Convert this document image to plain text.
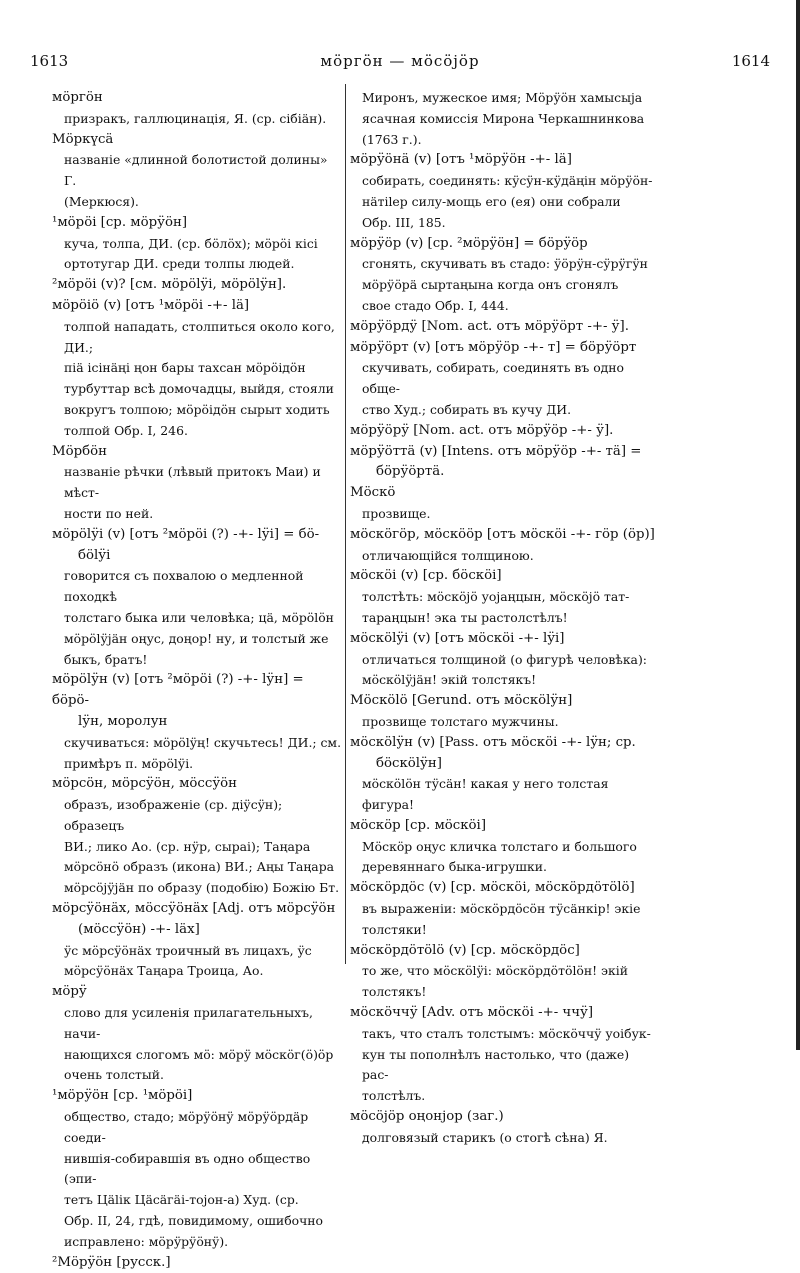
1613	мӧргӧн — мӧсӧјӧр	1614
мӧргӧн
призракъ, галлюцинація, Я. (ср. сібіäн).
Мӧркүсä
названіе «длинной болотистой долины» Г.
(Меркюся).
¹мӧрӧі [ср. мӧрӱӧн]
куча, толпа, ДИ. (ср. бӧлӧх); мӧрӧі кісі
ортотугар ДИ. среди толпы людей.
²мӧрӧі (v)? [см. мӧрӧlӱі, мӧрӧlӱн].
мӧрӧіӧ (v) [отъ ¹мӧрӧі -+- lä]
толпой нападать, столпиться около кого, ДИ.;
піä ісінäңі ңон бары тахсан мӧрӧідӧн
турбуттар всѣ домочадцы, выйдя, стояли
вокругъ толпою; мӧрӧідӧн сырыт ходить
толпой Обр. I, 246.
Мӧрбӧн
названіе рѣчки (лѣвый притокъ Маи) и мѣст-
ности по ней.
мӧрӧlӱі (v) [отъ ²мӧрӧі (?) -+- lӱі] = бӧ-
бӧlӱі
говорится съ похвалою о медленной походкѣ
толстаго быка или человѣка; цä, мӧрӧlӧн
мӧрӧlӱјäн оңус, доңор! ну, и толстый же
быкъ, братъ!
мӧрӧlӱн (v) [отъ ²мӧрӧі (?) -+- lӱн] = бӧрӧ-
lӱн, моролун
скучиваться: мӧрӧlӱң! скучьтесь! ДИ.; см.
примѣръ п. мӧрӧlӱі.
мӧрсӧн, мӧрсӱӧн, мӧссӱӧн
образъ, изображеніе (ср. діӱсӱн); образецъ
ВИ.; лико Ао. (ср. нӱр, сыраі); Таңара
мӧрсӧнӧ образъ (икона) ВИ.; Аңы Таңара
мӧрсӧјӱјäн по образу (подобію) Божію Бт.
мӧрсӱӧнäх, мӧссӱӧнäх [Adj. отъ мӧрсӱӧн
(мӧссӱӧн) -+- läх]
ӱс мӧрсӱӧнäх троичный въ лицахъ, ӱс
мӧрсӱӧнäх Таңара Троица, Ао.
мӧрӱ
слово для усиленія прилагательныхъ, начи-
нающихся слогомъ мӧ: мӧрӱ мӧскӧг(ӧ)ӧр
очень толстый.
¹мӧрӱӧн [ср. ¹мӧрӧі]
общество, стадо; мӧрӱӧнӱ мӧрӱӧрдäр соеди-
нившія-собиравшія въ одно общество (эпи-
тетъ Цälік Цäсäгäі-тојон-а) Худ. (ср.
Обр. II, 24, гдѣ, повидимому, ошибочно
исправлено: мӧрӱрӱӧнӱ).
²Мӧрӱӧн [русск.]
Миронъ, мужеское имя; Мӧрӱӧн хамысыја
ясачная комиссія Мирона Черкашнинкова
(1763 г.).
мӧрӱӧнä (v) [отъ ¹мӧрӱӧн -+- lä]
собирать, соединять: кӱсӱн-кӱдäңін мӧрӱӧн-
нäтіlер силу-мощь его (ея) они собрали
Обр. III, 185.
мӧрӱӧр (v) [ср. ²мӧрӱӧн] = бӧрӱӧр
сгонять, скучивать въ стадо: ӱӧрӱн-сӱрӱгӱн
мӧрӱӧрä сыртаңына когда онъ сгонялъ
свое стадо Обр. I, 444.
мӧрӱӧрдӱ [Nom. act. отъ мӧрӱӧрт -+- ӱ].
мӧрӱӧрт (v) [отъ мӧрӱӧр -+- т] = бӧрӱӧрт
скучивать, собирать, соединять въ одно обще-
ство Худ.; собирать въ кучу ДИ.
мӧрӱӧрӱ [Nom. act. отъ мӧрӱӧр -+- ӱ].
мӧрӱӧттä (v) [Intens. отъ мӧрӱӧр -+- тä] =
бӧрӱӧртä.
Мӧскӧ
прозвище.
мӧскӧгӧр, мӧскӧӧр [отъ мӧскӧі -+- гӧр (ӧр)]
отличающійся толщиною.
мӧскӧі (v) [ср. бӧскӧі]
толстѣть: мӧскӧјӧ уојаңцын, мӧскӧјӧ тат-
тараңцын! эка ты растолстѣлъ!
мӧскӧlӱі (v) [отъ мӧскӧі -+- lӱі]
отличаться толщиной (о фигурѣ человѣка):
мӧскӧlӱјäн! экій толстякъ!
Мӧскӧlӧ [Gerund. отъ мӧскӧlӱн]
прозвище толстаго мужчины.
мӧскӧlӱн (v) [Pass. отъ мӧскӧі -+- lӱн; ср.
бӧскӧlӱн]
мӧскӧlӧн тӱсäн! какая у него толстая фигура!
мӧскӧр [ср. мӧскӧі]
Мӧскӧр оңус кличка толстаго и большого
деревяннаго быка-игрушки.
мӧскӧрдӧс (v) [ср. мӧскӧі, мӧскӧрдӧтӧlӧ]
въ выраженіи: мӧскӧрдӧсӧн тӱсäнкір! экіе
толстяки!
мӧскӧрдӧтӧlӧ (v) [ср. мӧскӧрдӧс]
то же, что мӧскӧlӱі: мӧскӧрдӧтӧlӧн! экій
толстякъ!
мӧскӧччӱ [Adv. отъ мӧскӧі -+- ччӱ]
такъ, что сталъ толстымъ: мӧскӧччӱ уоібук-
кун ты пополнѣлъ настолько, что (даже) рас-
толстѣлъ.
мӧсӧјӧр оңонјор (заг.)
долговязый старикъ (о стогѣ сѣна) Я.
